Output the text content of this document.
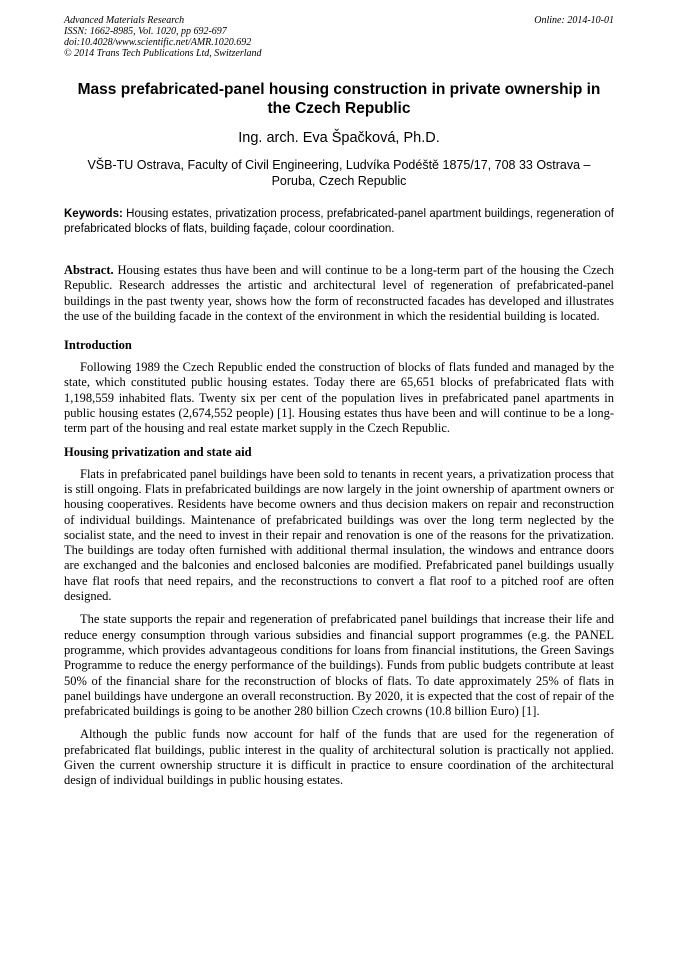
Advanced Materials Research
ISSN: 1662-8985, Vol. 1020, pp 692-697
doi:10.4028/www.scientific.net/AMR.1020.692
© 2014 Trans Tech Publications Ltd, Switzerland
Online: 2014-10-01
Mass prefabricated-panel housing construction in private ownership in the Czech Republic
Ing. arch. Eva Špačková, Ph.D.
VŠB-TU Ostrava, Faculty of Civil Engineering, Ludvíka Podéště 1875/17, 708 33 Ostrava – Poruba, Czech Republic
Keywords: Housing estates, privatization process, prefabricated-panel apartment buildings, regeneration of prefabricated blocks of flats, building façade, colour coordination.

Abstract. Housing estates thus have been and will continue to be a long-term part of the housing the Czech Republic. Research addresses the artistic and architectural level of regeneration of prefabricated-panel buildings in the past twenty year, shows how the form of reconstructed facades has developed and illustrates the use of the building facade in the context of the environment in which the residential building is located.

Introduction

Following 1989 the Czech Republic ended the construction of blocks of flats funded and managed by the state, which constituted public housing estates. Today there are 65,651 blocks of prefabricated flats with 1,198,559 inhabited flats. Twenty six per cent of the population lives in prefabricated panel apartments in public housing estates (2,674,552 people) [1]. Housing estates thus have been and will continue to be a long-term part of the housing and real estate market supply in the Czech Republic.

Housing privatization and state aid

Flats in prefabricated panel buildings have been sold to tenants in recent years, a privatization process that is still ongoing. Flats in prefabricated buildings are now largely in the joint ownership of apartment owners or housing cooperatives. Residents have become owners and thus decision makers on repair and reconstruction of individual buildings. Maintenance of prefabricated buildings was over the long term neglected by the socialist state, and the need to invest in their repair and renovation is one of the reasons for the privatization. The buildings are today often furnished with additional thermal insulation, the windows and entrance doors are exchanged and the balconies and enclosed balconies are modified. Prefabricated panel buildings usually have flat roofs that need repairs, and the reconstructions to convert a flat roof to a pitched roof are often designed.

The state supports the repair and regeneration of prefabricated panel buildings that increase their life and reduce energy consumption through various subsidies and financial support programmes (e.g. the PANEL programme, which provides advantageous conditions for loans from financial institutions, the Green Savings Programme to reduce the energy performance of the buildings). Funds from public budgets contribute at least 50% of the financial share for the reconstruction of blocks of flats. To date approximately 25% of flats in panel buildings have undergone an overall reconstruction. By 2020, it is expected that the cost of repair of the prefabricated buildings is going to be another 280 billion Czech crowns (10.8 billion Euro) [1].

Although the public funds now account for half of the funds that are used for the regeneration of prefabricated flat buildings, public interest in the quality of architectural solution is practically not applied. Given the current ownership structure it is difficult in practice to ensure coordination of the architectural design of individual buildings in public housing estates.
